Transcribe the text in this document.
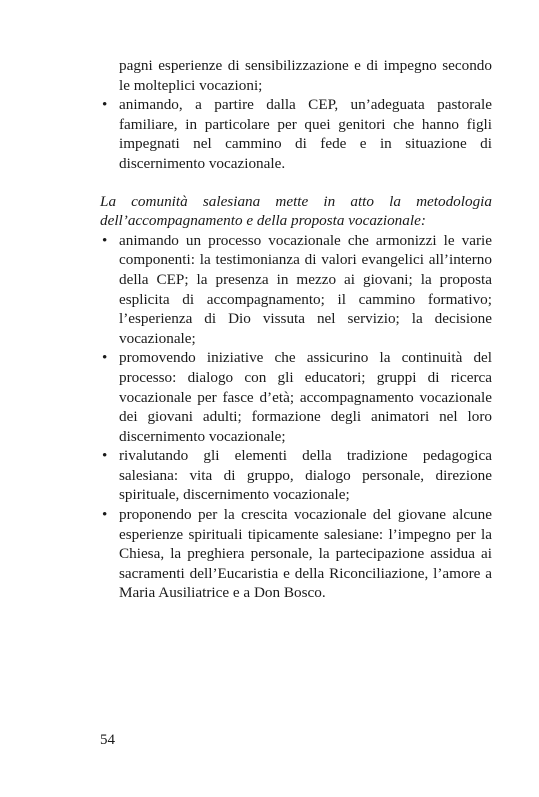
pagni esperienze di sensibilizzazione e di impegno secondo le molteplici vocazioni;

• animando, a partire dalla CEP, un’adeguata pastorale familiare, in particolare per quei genitori che hanno figli impegnati nel cammino di fede e in situazione di discernimento vocazionale.

La comunità salesiana mette in atto la metodologia dell’accompagnamento e della proposta vocazionale:

• animando un processo vocazionale che armonizzi le varie componenti: la testimonianza di valori evangelici all’interno della CEP; la presenza in mezzo ai giovani; la proposta esplicita di accompagnamento; il cammino formativo; l’esperienza di Dio vissuta nel servizio; la decisione vocazionale;
• promovendo iniziative che assicurino la continuità del processo: dialogo con gli educatori; gruppi di ricerca vocazionale per fasce d’età; accompagnamento vocazionale dei giovani adulti; formazione degli animatori nel loro discernimento vocazionale;
• rivalutando gli elementi della tradizione pedagogica salesiana: vita di gruppo, dialogo personale, direzione spirituale, discernimento vocazionale;
• proponendo per la crescita vocazionale del giovane alcune esperienze spirituali tipicamente salesiane: l’impegno per la Chiesa, la preghiera personale, la partecipazione assidua ai sacramenti dell’Eucaristia e della Riconciliazione, l’amore a Maria Ausiliatrice e a Don Bosco.
54
